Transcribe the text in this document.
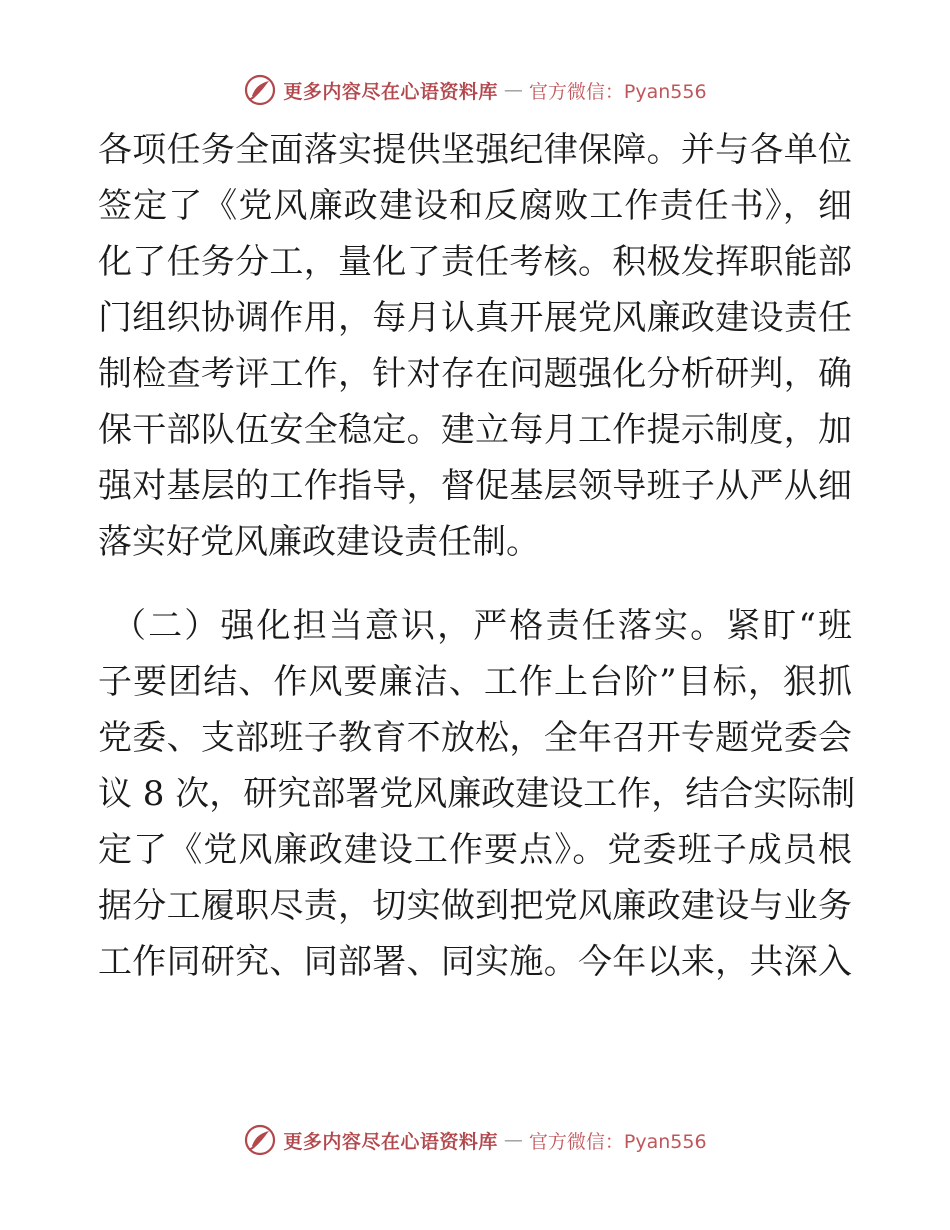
更多内容尽在心语资料库 — 官方微信：Pyan556
各项任务全面落实提供坚强纪律保障。并与各单位
签定了《党风廉政建设和反腐败工作责任书》，细
化了任务分工，量化了责任考核。积极发挥职能部
门组织协调作用，每月认真开展党风廉政建设责任
制检查考评工作，针对存在问题强化分析研判，确
保干部队伍安全稳定。建立每月工作提示制度，加
强对基层的工作指导，督促基层领导班子从严从细
落实好党风廉政建设责任制。
（二）强化担当意识，严格责任落实。紧盯“班
子要团结、作风要廉洁、工作上台阶”目标，狠抓
党委、支部班子教育不放松，全年召开专题党委会
议 8 次，研究部署党风廉政建设工作，结合实际制
定了《党风廉政建设工作要点》。党委班子成员根
据分工履职尽责，切实做到把党风廉政建设与业务
工作同研究、同部署、同实施。今年以来，共深入
更多内容尽在心语资料库 — 官方微信：Pyan556
